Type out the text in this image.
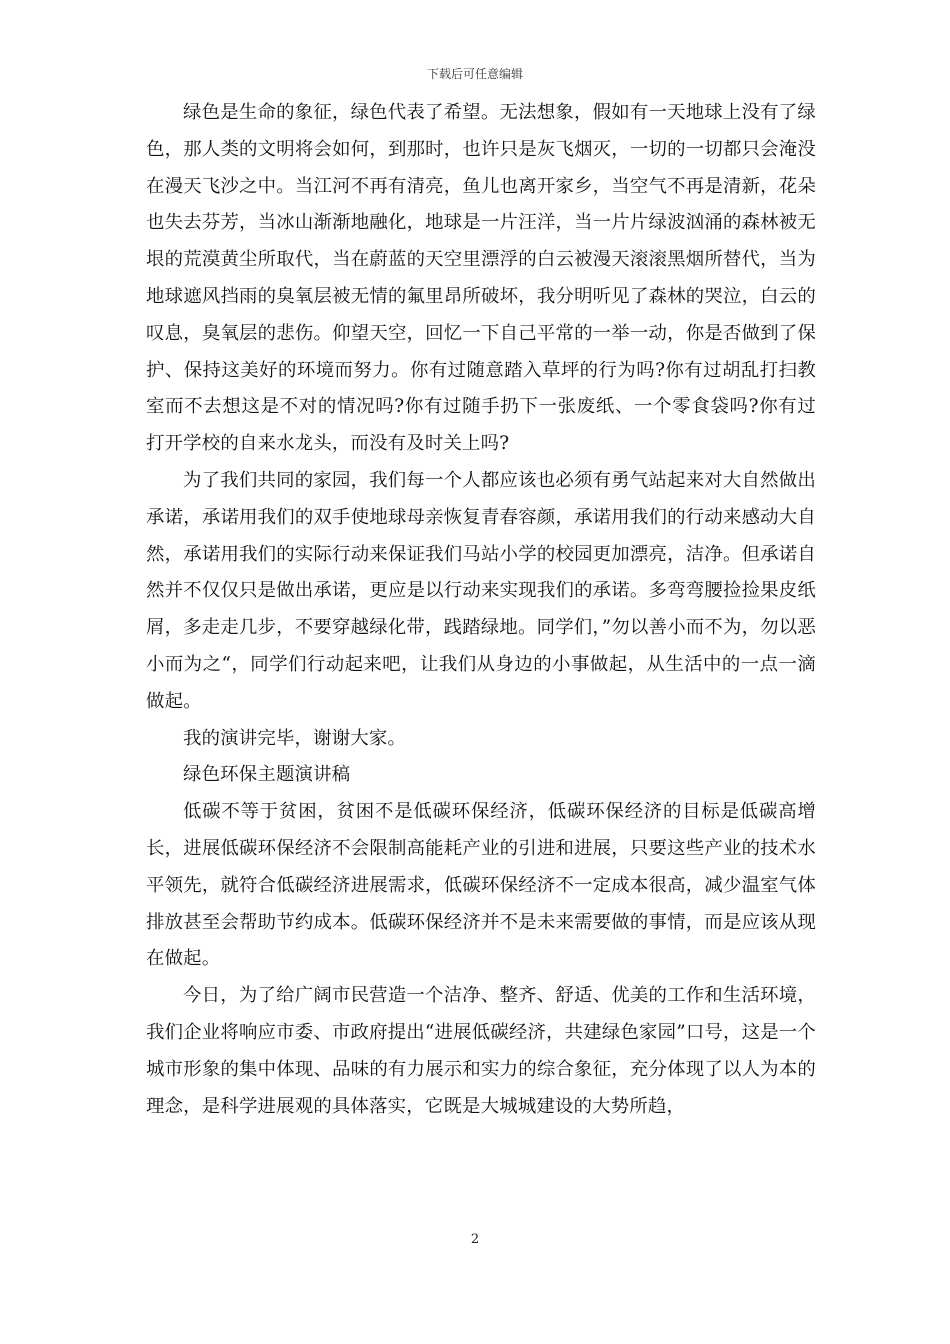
下载后可任意编辑

绿色是生命的象征，绿色代表了希望。无法想象，假如有一天地球上没有了绿色，那人类的文明将会如何，到那时，也许只是灰飞烟灭，一切的一切都只会淹没在漫天飞沙之中。当江河不再有清亮，鱼儿也离开家乡，当空气不再是清新，花朵也失去芬芳，当冰山渐渐地融化，地球是一片汪洋，当一片片绿波汹涌的森林被无垠的荒漠黄尘所取代，当在蔚蓝的天空里漂浮的白云被漫天滚滚黑烟所替代，当为地球遮风挡雨的臭氧层被无情的氟里昂所破坏，我分明听见了森林的哭泣，白云的叹息，臭氧层的悲伤。仰望天空，回忆一下自己平常的一举一动，你是否做到了保护、保持这美好的环境而努力。你有过随意踏入草坪的行为吗?你有过胡乱打扫教室而不去想这是不对的情况吗?你有过随手扔下一张废纸、一个零食袋吗?你有过打开学校的自来水龙头，而没有及时关上吗?

为了我们共同的家园，我们每一个人都应该也必须有勇气站起来对大自然做出承诺，承诺用我们的双手使地球母亲恢复青春容颜，承诺用我们的行动来感动大自然，承诺用我们的实际行动来保证我们马站小学的校园更加漂亮，洁净。但承诺自然并不仅仅只是做出承诺，更应是以行动来实现我们的承诺。多弯弯腰捡捡果皮纸屑，多走走几步，不要穿越绿化带，践踏绿地。同学们，”勿以善小而不为，勿以恶小而为之“，同学们行动起来吧，让我们从身边的小事做起，从生活中的一点一滴做起。

我的演讲完毕，谢谢大家。

绿色环保主题演讲稿

低碳不等于贫困，贫困不是低碳环保经济，低碳环保经济的目标是低碳高增长，进展低碳环保经济不会限制高能耗产业的引进和进展，只要这些产业的技术水平领先，就符合低碳经济进展需求，低碳环保经济不一定成本很高，减少温室气体排放甚至会帮助节约成本。低碳环保经济并不是未来需要做的事情，而是应该从现在做起。

今日，为了给广阔市民营造一个洁净、整齐、舒适、优美的工作和生活环境，我们企业将响应市委、市政府提出“进展低碳经济，共建绿色家园”口号，这是一个城市形象的集中体现、品味的有力展示和实力的综合象征，充分体现了以人为本的理念，是科学进展观的具体落实，它既是大城城建设的大势所趋，

2
